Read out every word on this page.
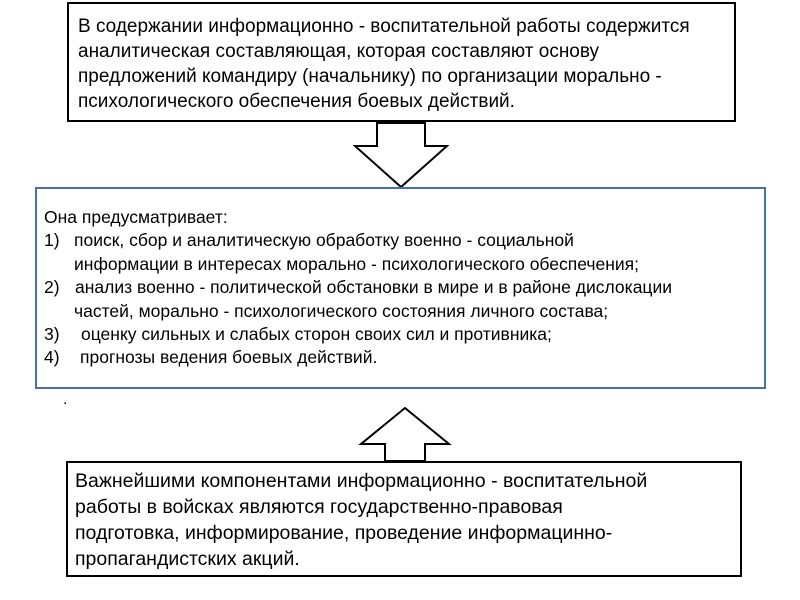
В содержании информационно - воспитательной работы содержится
аналитическая составляющая, которая составляют основу
предложений командиру (начальнику) по организации морально -
психологического обеспечения боевых действий.
Она предусматривает:
1) поиск, сбор и аналитическую обработку военно - социальной
информации в интересах морально - психологического обеспечения;
2) анализ военно - политической обстановки в мире и в районе дислокации
частей, морально - психологического состояния личного состава;
3)	оценку сильных и слабых сторон своих сил и противника;
4)	прогнозы ведения боевых действий.
.
Важнейшими компонентами информационно - воспитательной
работы в войсках являются государственно-правовая
подготовка, информирование, проведение информацинно-
пропагандистских акций.
